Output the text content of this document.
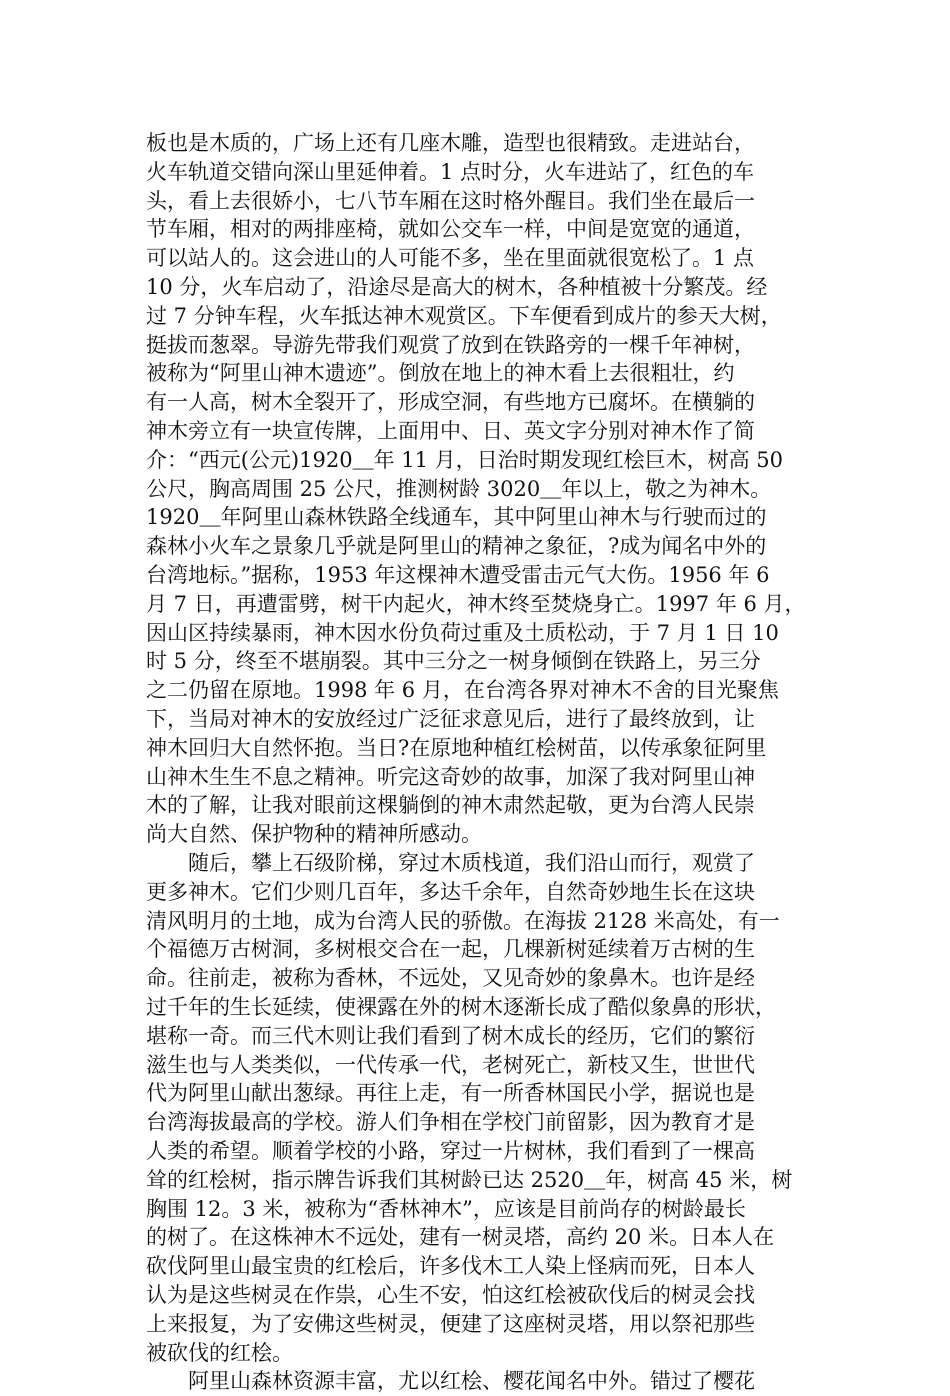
板也是木质的，广场上还有几座木雕，造型也很精致。走进站台，
火车轨道交错向深山里延伸着。1 点时分，火车进站了，红色的车
头，看上去很娇小，七八节车厢在这时格外醒目。我们坐在最后一
节车厢，相对的两排座椅，就如公交车一样，中间是宽宽的通道，
可以站人的。这会进山的人可能不多，坐在里面就很宽松了。1 点
10 分，火车启动了，沿途尽是高大的树木，各种植被十分繁茂。经
过 7 分钟车程，火车抵达神木观赏区。下车便看到成片的参天大树，
挺拔而葱翠。导游先带我们观赏了放到在铁路旁的一棵千年神树，
被称为“阿里山神木遗迹”。倒放在地上的神木看上去很粗壮，约
有一人高，树木全裂开了，形成空洞，有些地方已腐坏。在横躺的
神木旁立有一块宣传牌，上面用中、日、英文字分别对神木作了简
介：“西元(公元)1920＿年 11 月，日治时期发现红桧巨木，树高 50
公尺，胸高周围 25 公尺，推测树龄 3020＿年以上，敬之为神木。
1920＿年阿里山森林铁路全线通车，其中阿里山神木与行驶而过的
森林小火车之景象几乎就是阿里山的精神之象征，?成为闻名中外的
台湾地标。”据称，1953 年这棵神木遭受雷击元气大伤。1956 年 6
月 7 日，再遭雷劈，树干内起火，神木终至焚烧身亡。1997 年 6 月，
因山区持续暴雨，神木因水份负荷过重及土质松动，于 7 月 1 日 10
时 5 分，终至不堪崩裂。其中三分之一树身倾倒在铁路上，另三分
之二仍留在原地。1998 年 6 月，在台湾各界对神木不舍的目光聚焦
下，当局对神木的安放经过广泛征求意见后，进行了最终放到，让
神木回归大自然怀抱。当日?在原地种植红桧树苗，以传承象征阿里
山神木生生不息之精神。听完这奇妙的故事，加深了我对阿里山神
木的了解，让我对眼前这棵躺倒的神木肃然起敬，更为台湾人民崇
尚大自然、保护物种的精神所感动。
随后，攀上石级阶梯，穿过木质栈道，我们沿山而行，观赏了
更多神木。它们少则几百年，多达千余年，自然奇妙地生长在这块
清风明月的土地，成为台湾人民的骄傲。在海拔 2128 米高处，有一
个福德万古树洞，多树根交合在一起，几棵新树延续着万古树的生
命。往前走，被称为香林，不远处，又见奇妙的象鼻木。也许是经
过千年的生长延续，使裸露在外的树木逐渐长成了酷似象鼻的形状，
堪称一奇。而三代木则让我们看到了树木成长的经历，它们的繁衍
滋生也与人类类似，一代传承一代，老树死亡，新枝又生，世世代
代为阿里山献出葱绿。再往上走，有一所香林国民小学，据说也是
台湾海拔最高的学校。游人们争相在学校门前留影，因为教育才是
人类的希望。顺着学校的小路，穿过一片树林，我们看到了一棵高
耸的红桧树，指示牌告诉我们其树龄已达 2520＿年，树高 45 米，树
胸围 12。3 米，被称为“香林神木”，应该是目前尚存的树龄最长
的树了。在这株神木不远处，建有一树灵塔，高约 20 米。日本人在
砍伐阿里山最宝贵的红桧后，许多伐木工人染上怪病而死，日本人
认为是这些树灵在作祟，心生不安，怕这红桧被砍伐后的树灵会找
上来报复，为了安佛这些树灵，便建了这座树灵塔，用以祭祀那些
被砍伐的红桧。
阿里山森林资源丰富，尤以红桧、樱花闻名中外。错过了樱花
